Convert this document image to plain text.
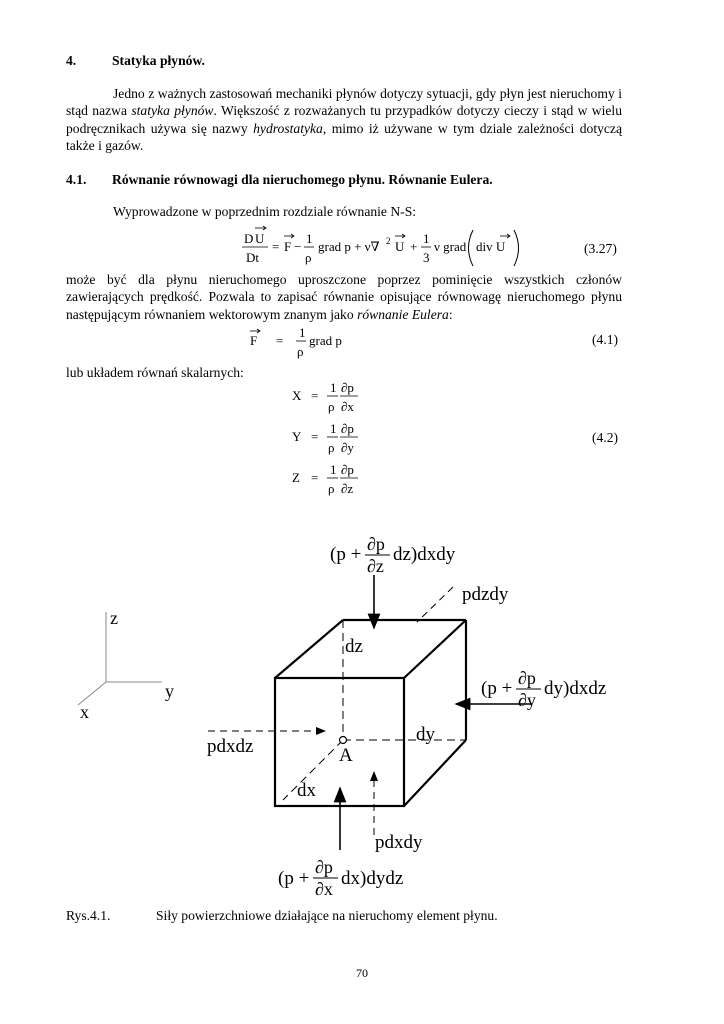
4.	Statyka płynów.
Jedno z ważnych zastosowań mechaniki płynów dotyczy sytuacji, gdy płyn jest nieruchomy i stąd nazwa statyka płynów. Większość z rozważanych tu przypadków dotyczy cieczy i stąd w wielu podręcznikach używa się nazwy hydrostatyka, mimo iż używane w tym dziale zależności dotyczą także i gazów.
4.1. Równanie równowagi dla nieruchomego płynu. Równanie Eulera.
Wyprowadzone w poprzednim rozdziale równanie N-S:
D U
Dt
= F −
1
ρ
grad p + ν∇ 2 U +
1
3
ν grad div U	(3.27)
może być dla płynu nieruchomego uproszczone poprzez pominięcie wszystkich członów zawierających prędkość. Pozwala to zapisać równanie opisujące równowagę nieruchomego płynu następującym równaniem wektorowym znanym jako równanie Eulera:
F =
1
ρ
grad p	(4.1)
lub układem równań skalarnych:
X =
1
ρ
∂p
∂x
Y =
1
ρ
∂p
∂y
Z =
1
ρ
∂p
∂z
(4.2)
z
y
x
(p + ∂p
∂z
dz)dxdy
pdzdy
dz
(p + ∂p
∂y
dy)dxdz
dy
pdxdz	A
dx
pdxdy
(p +
∂p
∂x dx)dydz
Rys.4.1.	Siły powierzchniowe działające na nieruchomy element płynu.
70
